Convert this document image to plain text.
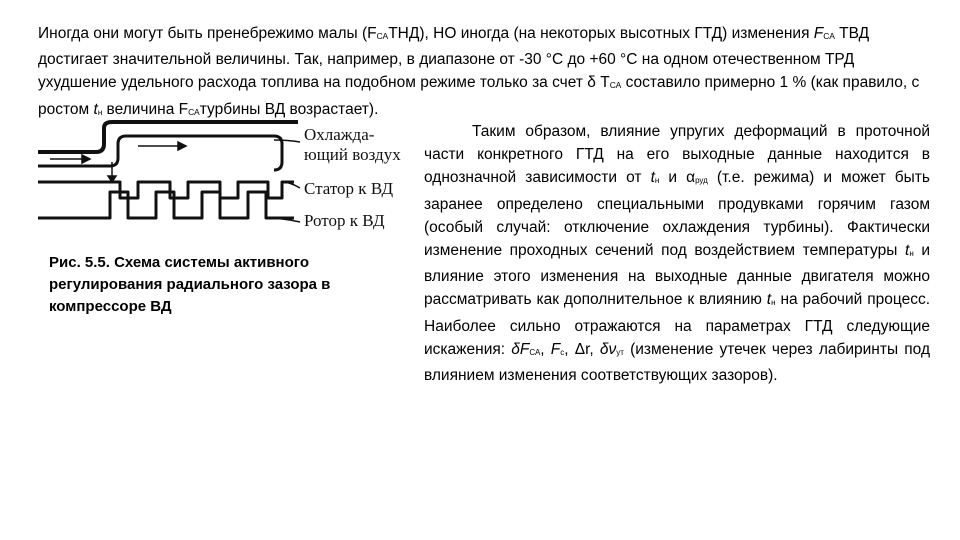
Иногда они могут быть пренебрежимо малы $(F_{СА}ТНД)$, НО иногда (на некоторых высотных ГТД) изменения $F_{СА}$ ТВД достигает значительной величины. Так, например, в диапазоне от -30 °С до +60 °С на одном отечественном ТРД ухудшение удельного расхода топлива на подобном режиме только за счет δ $Т_{СА}$ составило примерно 1 % (как правило, с ростом $t_н$ величина $F_{СА}турбины$ ВД возрастает).

Охлажда-
ющий воздух
Статор к ВД
Ротор к ВД

Рис. 5.5. Схема системы активного регулирования радиального зазора в компрессоре ВД

Таким образом, влияние упругих деформаций в проточной части конкретного ГТД на его выходные данные находится в однозначной зависимости от $t_н$ и $\alpha_{руд}$ (т.е. режима) и может быть заранее определено специальными продувками горячим газом (особый случай: отключение охлаждения турбины). Фактически изменение проходных сечений под воздействием температуры $t_н$ и влияние этого изменения на выходные данные двигателя можно рассматривать как дополнительное к влиянию $t_н$ на рабочий процесс. Наиболее сильно отражаются на параметрах ГТД следующие искажения: $\delta F_{СА}$, $F_с$, Δr, $\delta\nu_{ут}$ (изменение утечек через лабиринты под влиянием изменения соответствующих зазоров).
